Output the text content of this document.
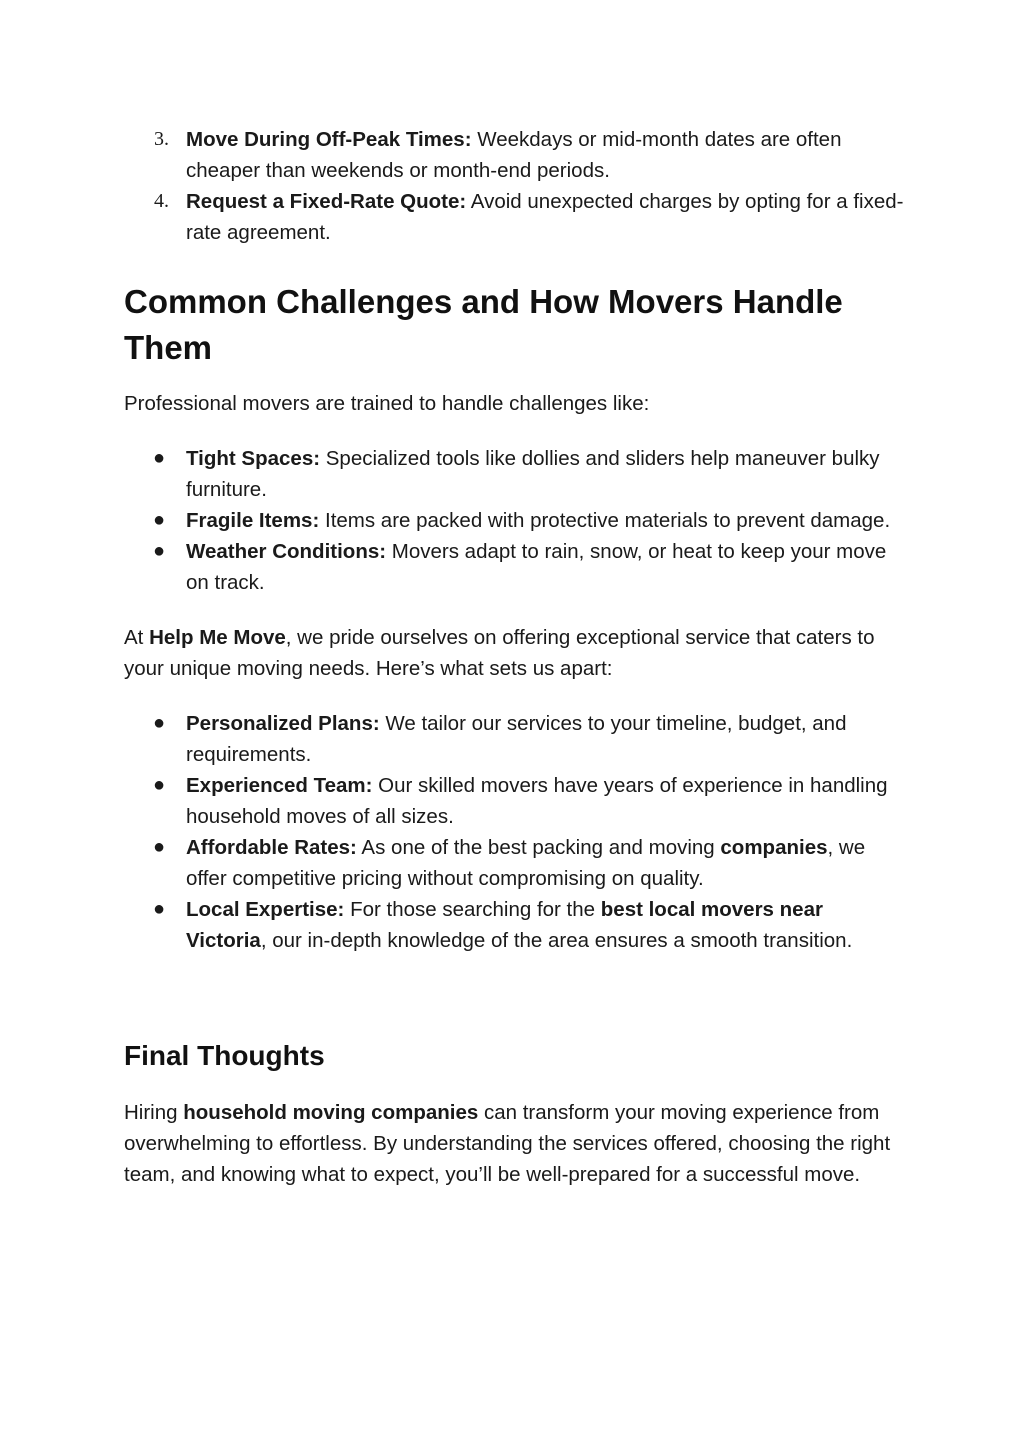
3. Move During Off-Peak Times: Weekdays or mid-month dates are often cheaper than weekends or month-end periods.
4. Request a Fixed-Rate Quote: Avoid unexpected charges by opting for a fixed-rate agreement.
Common Challenges and How Movers Handle Them

Professional movers are trained to handle challenges like:

● Tight Spaces: Specialized tools like dollies and sliders help maneuver bulky furniture.
● Fragile Items: Items are packed with protective materials to prevent damage.
● Weather Conditions: Movers adapt to rain, snow, or heat to keep your move on track.

At Help Me Move, we pride ourselves on offering exceptional service that caters to your unique moving needs. Here’s what sets us apart:

● Personalized Plans: We tailor our services to your timeline, budget, and requirements.
● Experienced Team: Our skilled movers have years of experience in handling household moves of all sizes.
● Affordable Rates: As one of the best packing and moving companies, we offer competitive pricing without compromising on quality.
● Local Expertise: For those searching for the best local movers near Victoria, our in-depth knowledge of the area ensures a smooth transition.
Final Thoughts

Hiring household moving companies can transform your moving experience from overwhelming to effortless. By understanding the services offered, choosing the right team, and knowing what to expect, you’ll be well-prepared for a successful move.
